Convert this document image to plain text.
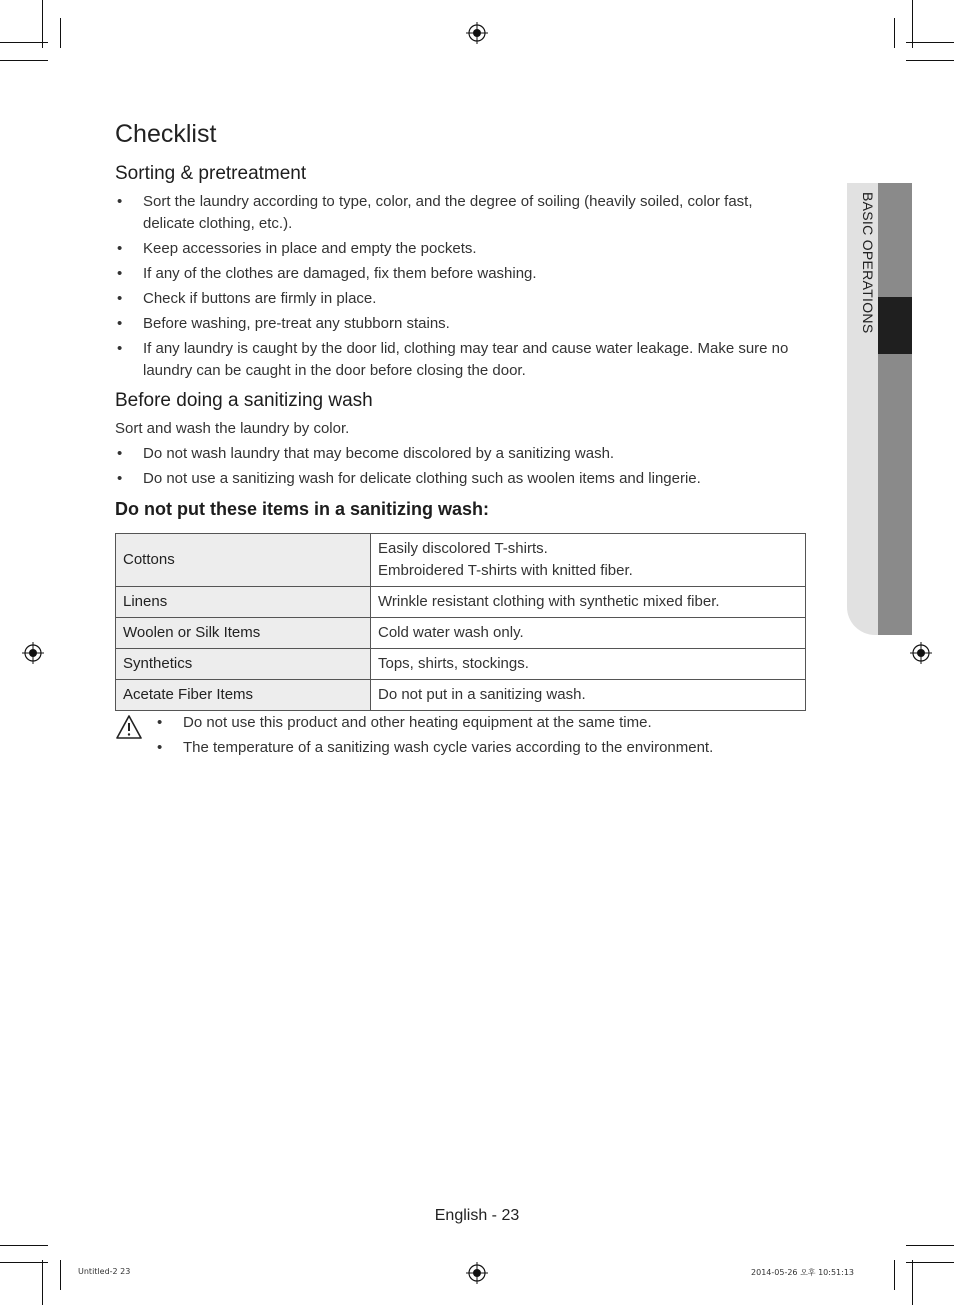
BASIC OPERATIONS
Checklist
Sorting & pretreatment
• Sort the laundry according to type, color, and the degree of soiling (heavily soiled, color fast, delicate clothing, etc.).
• Keep accessories in place and empty the pockets.
• If any of the clothes are damaged, fix them before washing.
• Check if buttons are firmly in place.
• Before washing, pre-treat any stubborn stains.
• If any laundry is caught by the door lid, clothing may tear and cause water leakage. Make sure no laundry can be caught in the door before closing the door.
Before doing a sanitizing wash

Sort and wash the laundry by color.

• Do not wash laundry that may become discolored by a sanitizing wash.
• Do not use a sanitizing wash for delicate clothing such as woolen items and lingerie.
Do not put these items in a sanitizing wash:
Cottons	Easily discolored T-shirts.
Embroidered T-shirts with knitted fiber.

Linens	Wrinkle resistant clothing with synthetic mixed fiber.
Woolen or Silk Items	Cold water wash only.
Synthetics	Tops, shirts, stockings.
Acetate Fiber Items	Do not put in a sanitizing wash.
• Do not use this product and other heating equipment at the same time.
• The temperature of a sanitizing wash cycle varies according to the environment.
English - 23
Untitled-2 23	2014-05-26 오후 10:51:13
